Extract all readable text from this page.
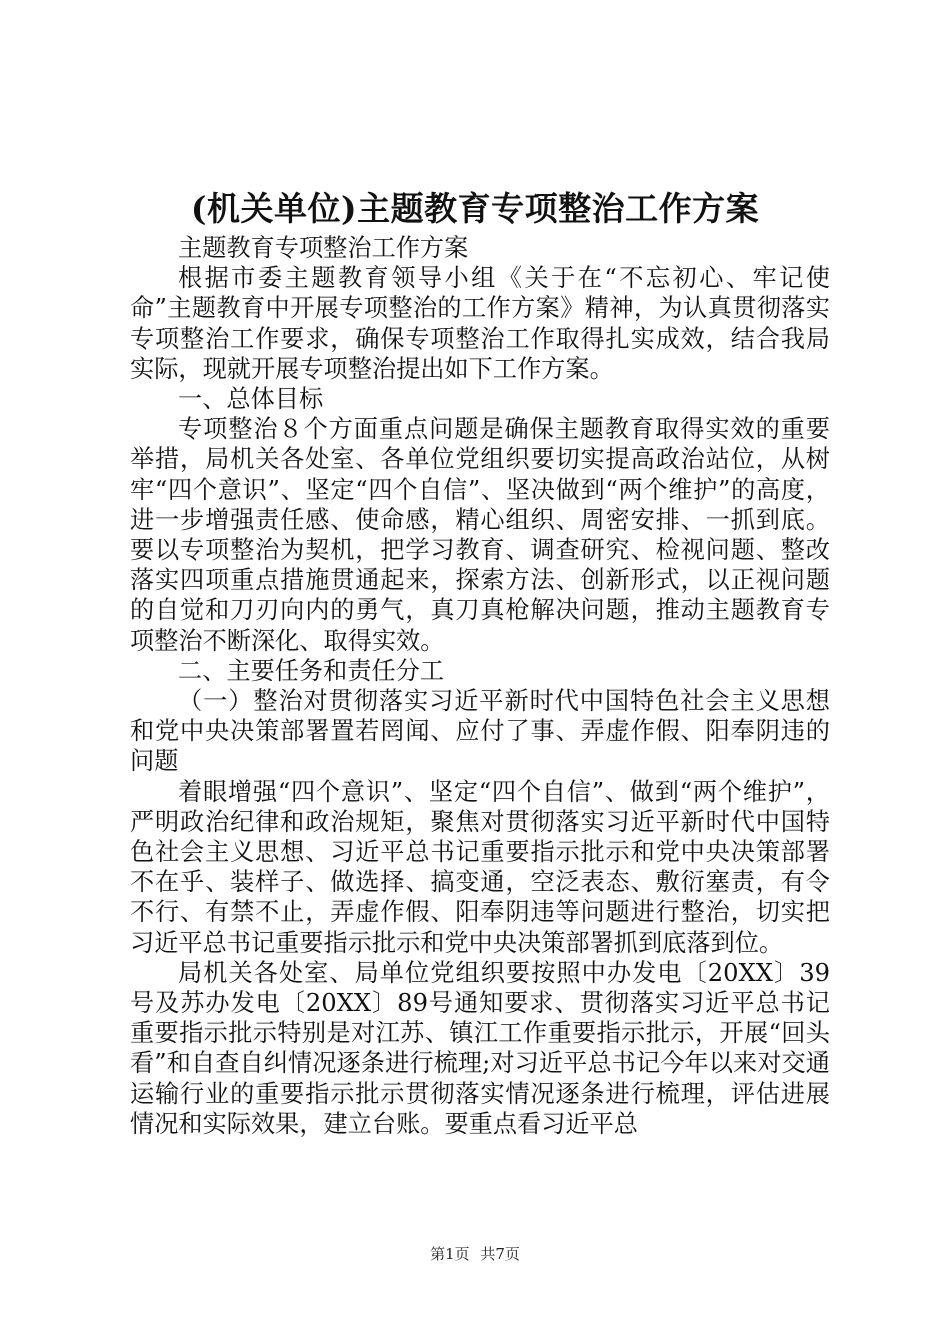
(机关单位)主题教育专项整治工作方案

主题教育专项整治工作方案

根据市委主题教育领导小组《关于在“不忘初心、牢记使命”主题教育中开展专项整治的工作方案》精神，为认真贯彻落实专项整治工作要求，确保专项整治工作取得扎实成效，结合我局实际，现就开展专项整治提出如下工作方案。

一、总体目标

专项整治８个方面重点问题是确保主题教育取得实效的重要举措，局机关各处室、各单位党组织要切实提高政治站位，从树牢“四个意识”、坚定“四个自信”、坚决做到“两个维护”的高度，进一步增强责任感、使命感，精心组织、周密安排、一抓到底。要以专项整治为契机，把学习教育、调查研究、检视问题、整改落实四项重点措施贯通起来，探索方法、创新形式，以正视问题的自觉和刀刃向内的勇气，真刀真枪解决问题，推动主题教育专项整治不断深化、取得实效。

二、主要任务和责任分工

（一）整治对贯彻落实习近平新时代中国特色社会主义思想和党中央决策部署置若罔闻、应付了事、弄虚作假、阳奉阴违的问题

着眼增强“四个意识”、坚定“四个自信”、做到“两个维护”，严明政治纪律和政治规矩，聚焦对贯彻落实习近平新时代中国特色社会主义思想、习近平总书记重要指示批示和党中央决策部署不在乎、装样子、做选择、搞变通，空泛表态、敷衍塞责，有令不行、有禁不止，弄虚作假、阳奉阴违等问题进行整治，切实把习近平总书记重要指示批示和党中央决策部署抓到底落到位。

局机关各处室、局单位党组织要按照中办发电〔20XX〕39号及苏办发电〔20XX〕89号通知要求、贯彻落实习近平总书记重要指示批示特别是对江苏、镇江工作重要指示批示，开展“回头看”和自查自纠情况逐条进行梳理;对习近平总书记今年以来对交通运输行业的重要指示批示贯彻落实情况逐条进行梳理，评估进展情况和实际效果，建立台账。要重点看习近平总

第1页 共7页
